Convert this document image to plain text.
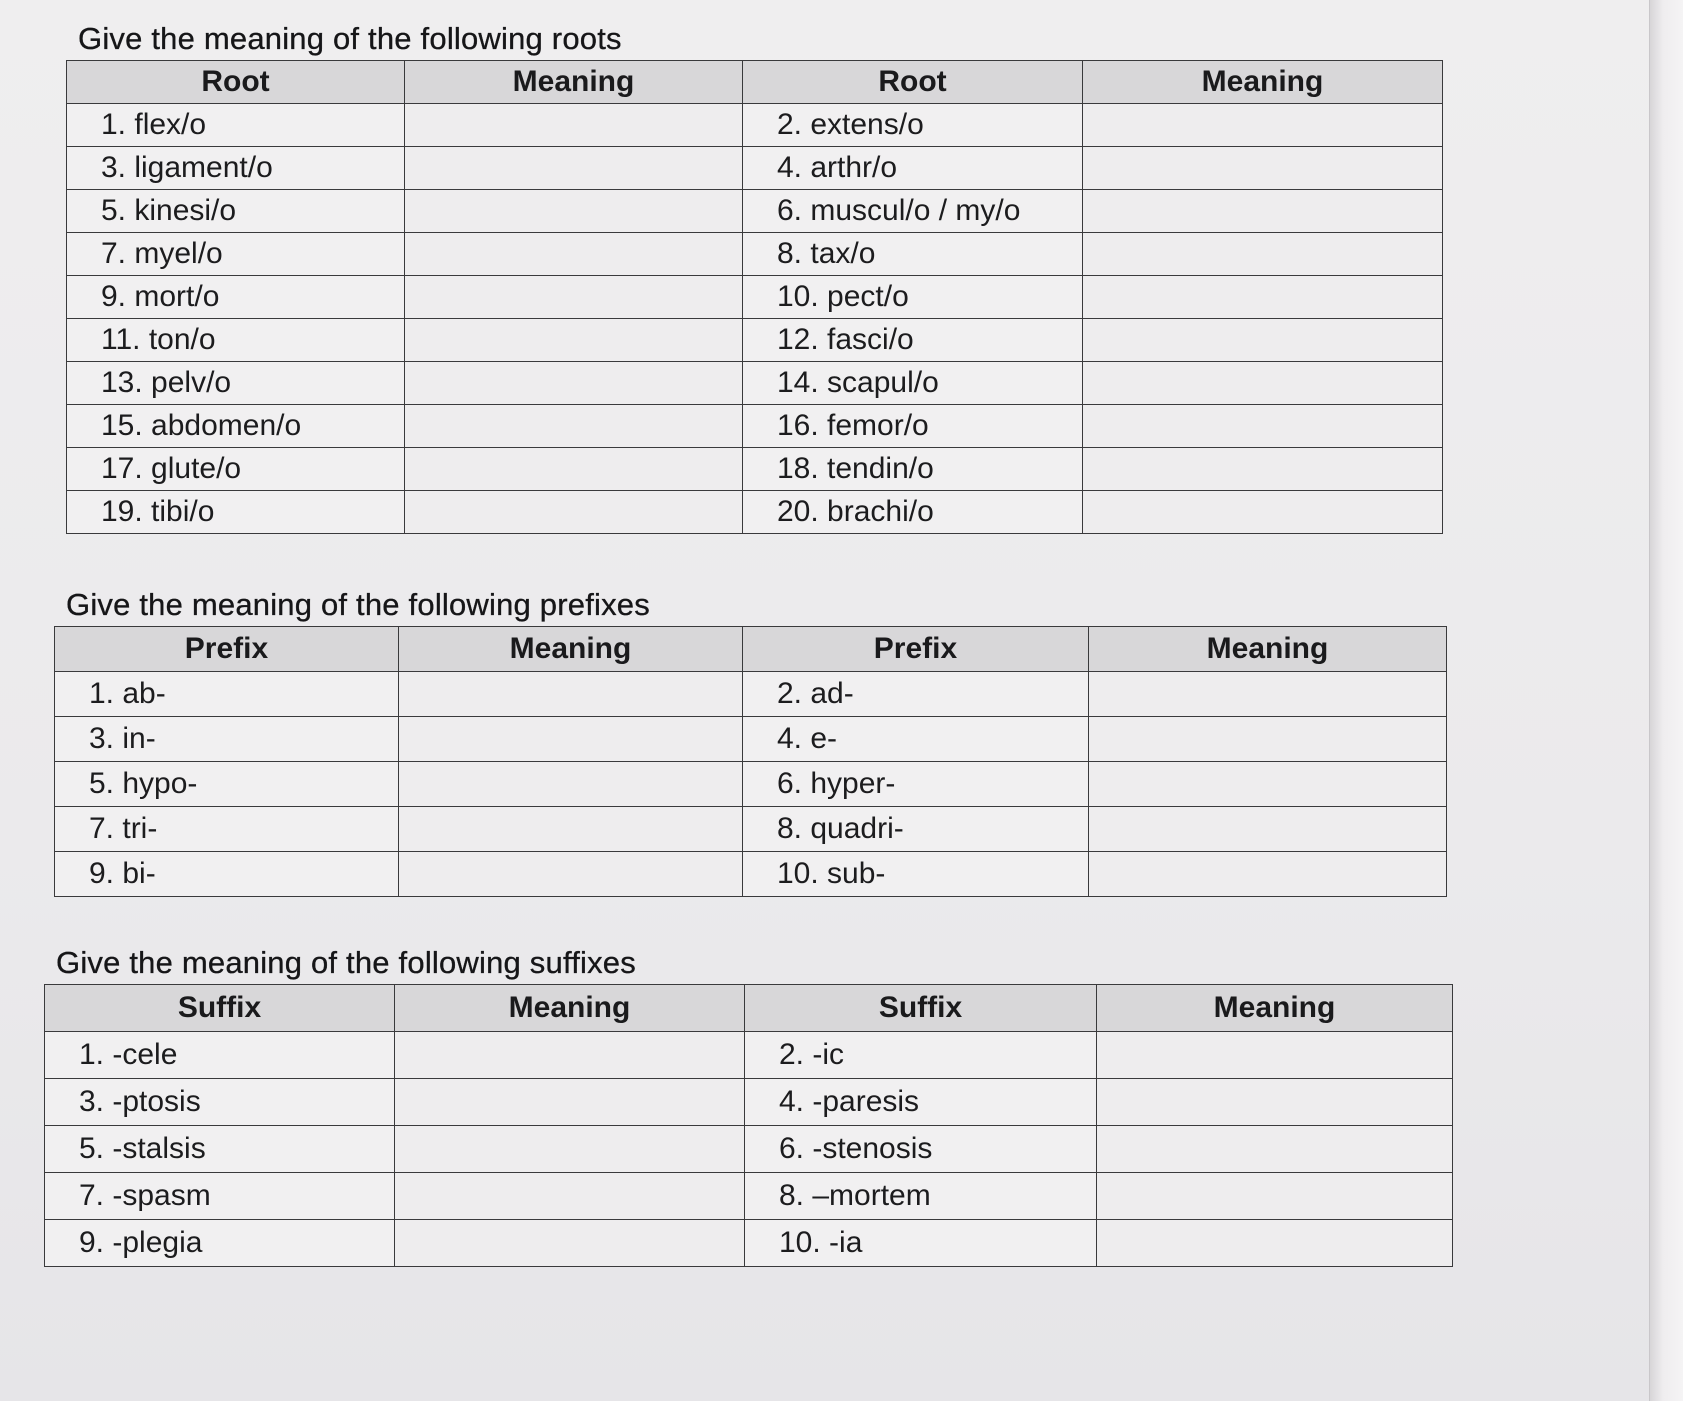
Give the meaning of the following roots
Root	Meaning	Root	Meaning
1. flex/o		2. extens/o	
3. ligament/o		4. arthr/o	
5. kinesi/o		6. muscul/o / my/o	
7. myel/o		8. tax/o	
9. mort/o		10. pect/o	
11. ton/o		12. fasci/o	
13. pelv/o		14. scapul/o	
15. abdomen/o		16. femor/o	
17. glute/o		18. tendin/o	
19. tibi/o		20. brachi/o	
Give the meaning of the following prefixes
Prefix	Meaning	Prefix	Meaning
1. ab-		2. ad-	
3. in-		4. e-	
5. hypo-		6. hyper-	
7. tri-		8. quadri-	
9. bi-		10. sub-	
Give the meaning of the following suffixes
Suffix	Meaning	Suffix	Meaning
1. -cele		2. -ic	
3. -ptosis		4. -paresis	
5. -stalsis		6. -stenosis	
7. -spasm		8. –mortem	
9. -plegia		10. -ia	
